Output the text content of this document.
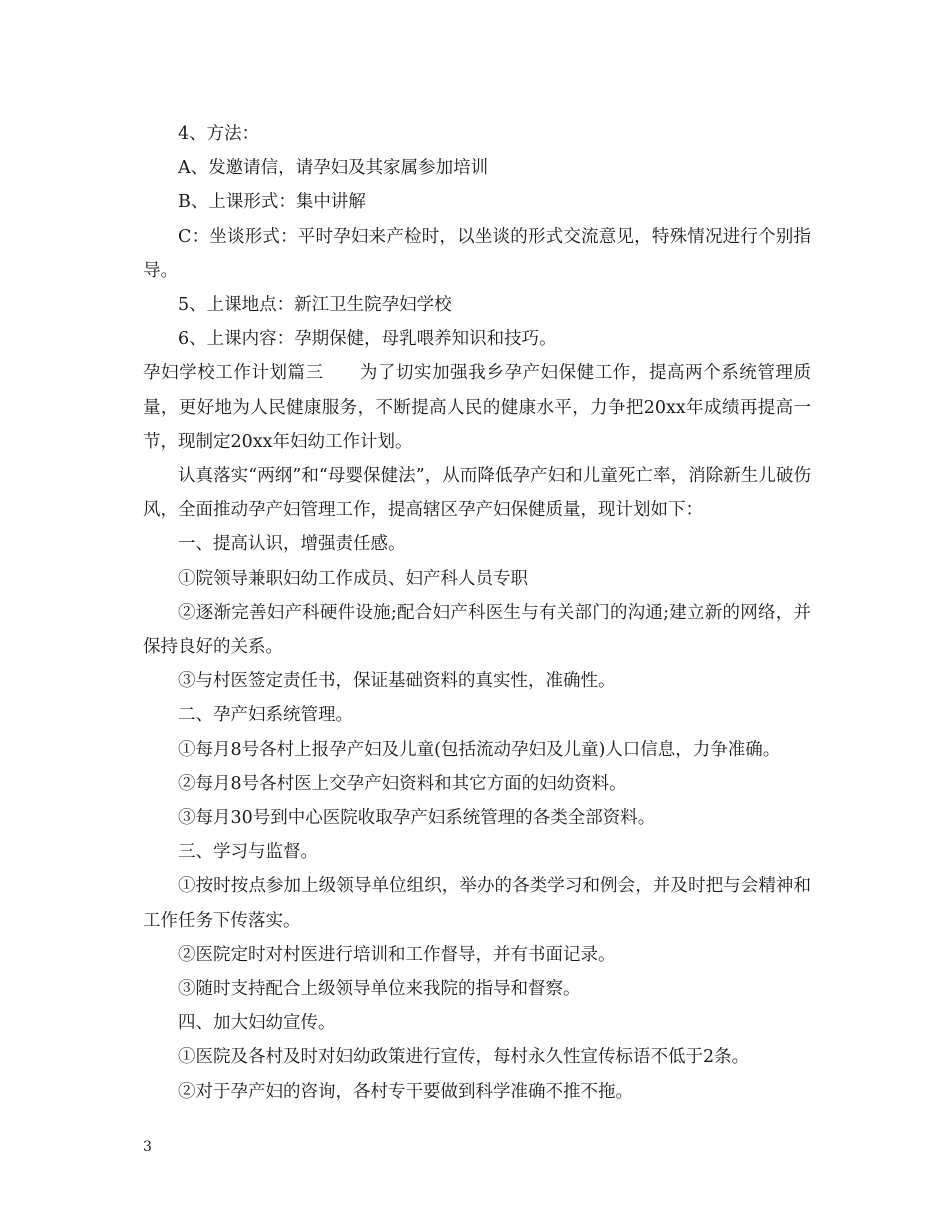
4、方法：

A、发邀请信，请孕妇及其家属参加培训

B、上课形式：集中讲解

C：坐谈形式：平时孕妇来产检时，以坐谈的形式交流意见，特殊情况进行个别指导。

5、上课地点：新江卫生院孕妇学校

6、上课内容：孕期保健，母乳喂养知识和技巧。

孕妇学校工作计划篇三　　为了切实加强我乡孕产妇保健工作，提高两个系统管理质量，更好地为人民健康服务，不断提高人民的健康水平，力争把20xx年成绩再提高一节，现制定20xx年妇幼工作计划。

认真落实“两纲”和“母婴保健法”，从而降低孕产妇和儿童死亡率，消除新生儿破伤风，全面推动孕产妇管理工作，提高辖区孕产妇保健质量，现计划如下：

一、提高认识，增强责任感。

①院领导兼职妇幼工作成员、妇产科人员专职

②逐渐完善妇产科硬件设施;配合妇产科医生与有关部门的沟通;建立新的网络，并保持良好的关系。

③与村医签定责任书，保证基础资料的真实性，准确性。

二、孕产妇系统管理。

①每月8号各村上报孕产妇及儿童(包括流动孕妇及儿童)人口信息，力争准确。

②每月8号各村医上交孕产妇资料和其它方面的妇幼资料。

③每月30号到中心医院收取孕产妇系统管理的各类全部资料。

三、学习与监督。

①按时按点参加上级领导单位组织，举办的各类学习和例会，并及时把与会精神和工作任务下传落实。

②医院定时对村医进行培训和工作督导，并有书面记录。

③随时支持配合上级领导单位来我院的指导和督察。

四、加大妇幼宣传。

①医院及各村及时对妇幼政策进行宣传，每村永久性宣传标语不低于2条。

②对于孕产妇的咨询，各村专干要做到科学准确不推不拖。

3
